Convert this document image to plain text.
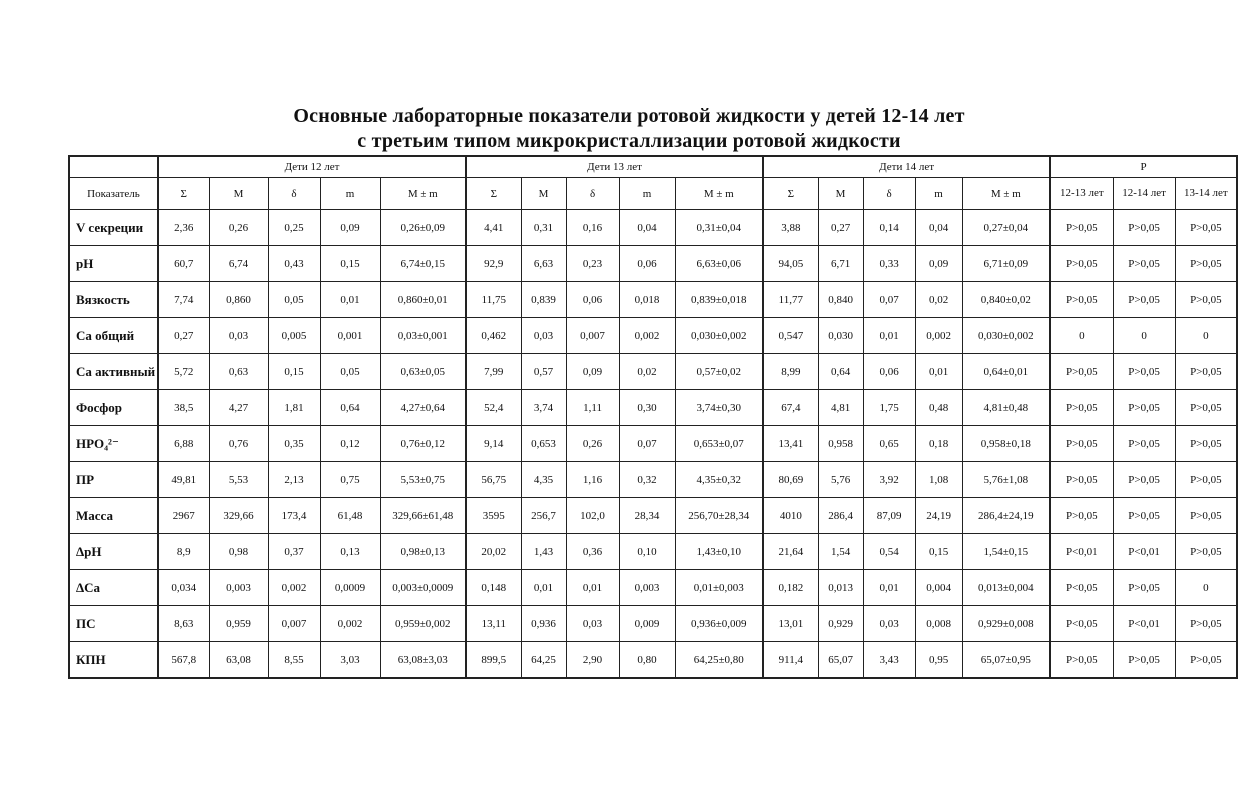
Основные лабораторные показатели ротовой жидкости у детей 12-14 лет
с третьим типом микрокристаллизации ротовой жидкости
	Дети 12 лет					Дети 13 лет					Дети 14 лет					Р		
Показатель	Σ	М	δ	m	М ± m	Σ	М	δ	m	М ± m	Σ	М	δ	m	М ± m	12-13 лет	12-14 лет	13-14 лет
V секреции	2,36	0,26	0,25	0,09	0,26±0,09	4,41	0,31	0,16	0,04	0,31±0,04	3,88	0,27	0,14	0,04	0,27±0,04	P>0,05	P>0,05	P>0,05
pH	60,7	6,74	0,43	0,15	6,74±0,15	92,9	6,63	0,23	0,06	6,63±0,06	94,05	6,71	0,33	0,09	6,71±0,09	P>0,05	P>0,05	P>0,05
Вязкость	7,74	0,860	0,05	0,01	0,860±0,01	11,75	0,839	0,06	0,018	0,839±0,018	11,77	0,840	0,07	0,02	0,840±0,02	P>0,05	P>0,05	P>0,05
Са общий	0,27	0,03	0,005	0,001	0,03±0,001	0,462	0,03	0,007	0,002	0,030±0,002	0,547	0,030	0,01	0,002	0,030±0,002	0	0	0
Са активный	5,72	0,63	0,15	0,05	0,63±0,05	7,99	0,57	0,09	0,02	0,57±0,02	8,99	0,64	0,06	0,01	0,64±0,01	P>0,05	P>0,05	P>0,05
Фосфор	38,5	4,27	1,81	0,64	4,27±0,64	52,4	3,74	1,11	0,30	3,74±0,30	67,4	4,81	1,75	0,48	4,81±0,48	P>0,05	P>0,05	P>0,05
HPO₄²⁻	6,88	0,76	0,35	0,12	0,76±0,12	9,14	0,653	0,26	0,07	0,653±0,07	13,41	0,958	0,65	0,18	0,958±0,18	P>0,05	P>0,05	P>0,05
ПР	49,81	5,53	2,13	0,75	5,53±0,75	56,75	4,35	1,16	0,32	4,35±0,32	80,69	5,76	3,92	1,08	5,76±1,08	P>0,05	P>0,05	P>0,05
Масса	2967	329,66	173,4	61,48	329,66±61,48	3595	256,7	102,0	28,34	256,70±28,34	4010	286,4	87,09	24,19	286,4±24,19	P>0,05	P>0,05	P>0,05
ΔpH	8,9	0,98	0,37	0,13	0,98±0,13	20,02	1,43	0,36	0,10	1,43±0,10	21,64	1,54	0,54	0,15	1,54±0,15	P<0,01	P<0,01	P>0,05
ΔCa	0,034	0,003	0,002	0,0009	0,003±0,0009	0,148	0,01	0,01	0,003	0,01±0,003	0,182	0,013	0,01	0,004	0,013±0,004	P<0,05	P>0,05	0
ПС	8,63	0,959	0,007	0,002	0,959±0,002	13,11	0,936	0,03	0,009	0,936±0,009	13,01	0,929	0,03	0,008	0,929±0,008	P<0,05	P<0,01	P>0,05
КПН	567,8	63,08	8,55	3,03	63,08±3,03	899,5	64,25	2,90	0,80	64,25±0,80	911,4	65,07	3,43	0,95	65,07±0,95	P>0,05	P>0,05	P>0,05
